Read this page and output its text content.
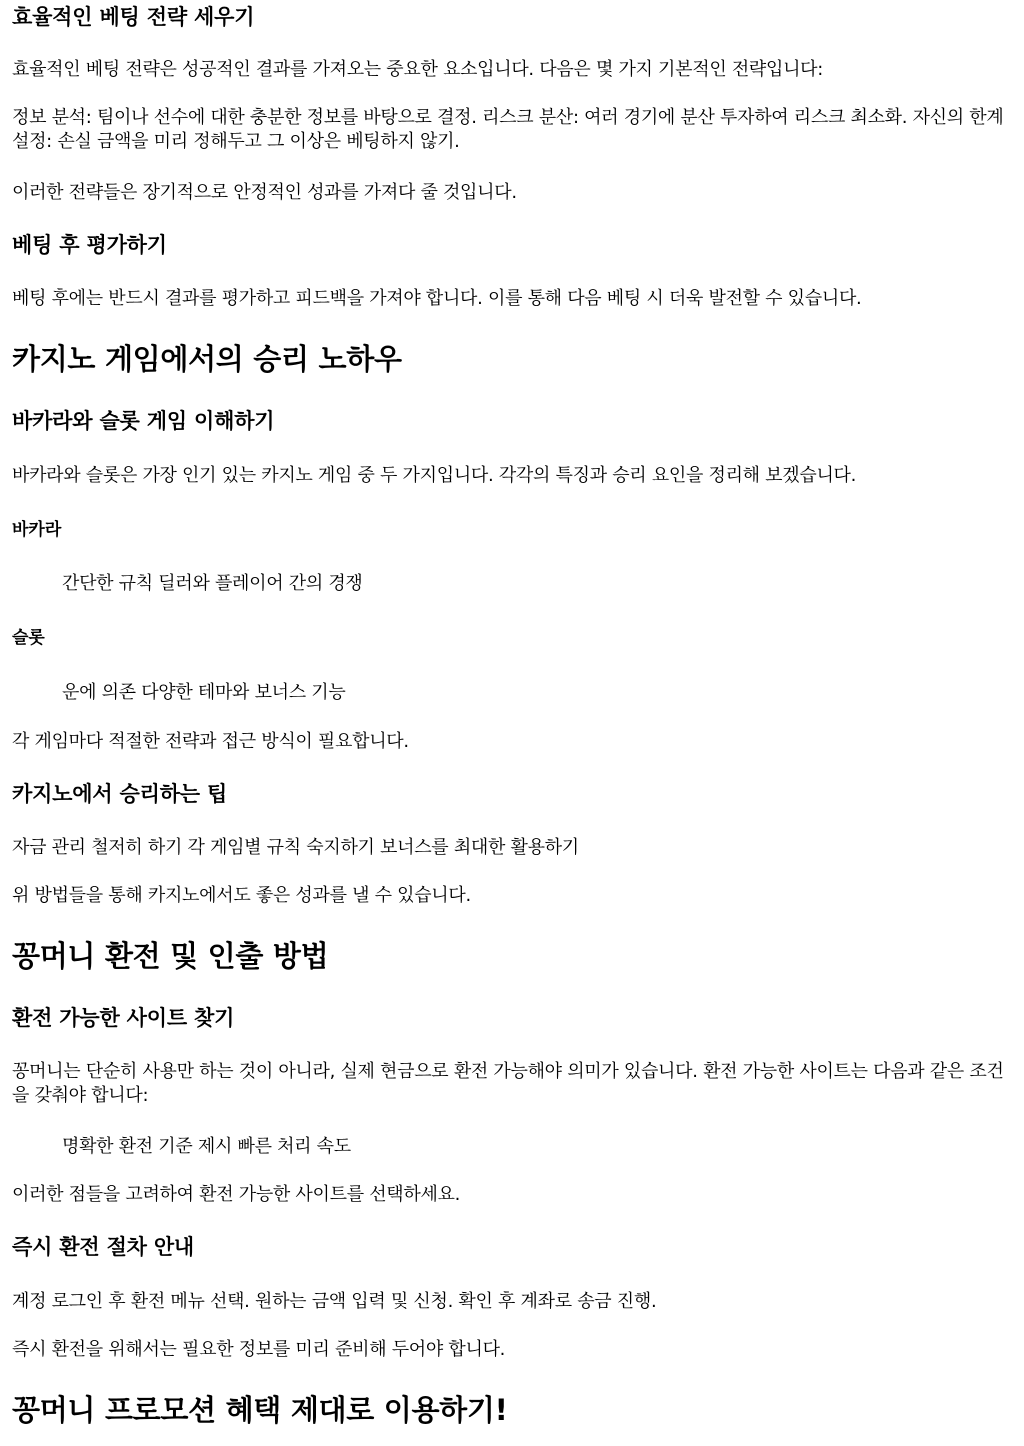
효율적인 베팅 전략 세우기

효율적인 베팅 전략은 성공적인 결과를 가져오는 중요한 요소입니다. 다음은 몇 가지 기본적인 전략입니다:

정보 분석: 팀이나 선수에 대한 충분한 정보를 바탕으로 결정. 리스크 분산: 여러 경기에 분산 투자하여 리스크 최소화. 자신의 한계 설정: 손실 금액을 미리 정해두고 그 이상은 베팅하지 않기.

이러한 전략들은 장기적으로 안정적인 성과를 가져다 줄 것입니다.

베팅 후 평가하기

베팅 후에는 반드시 결과를 평가하고 피드백을 가져야 합니다. 이를 통해 다음 베팅 시 더욱 발전할 수 있습니다.

카지노 게임에서의 승리 노하우
바카라와 슬롯 게임 이해하기

바카라와 슬롯은 가장 인기 있는 카지노 게임 중 두 가지입니다. 각각의 특징과 승리 요인을 정리해 보겠습니다.

바카라

간단한 규칙 딜러와 플레이어 간의 경쟁

슬롯

운에 의존 다양한 테마와 보너스 기능

각 게임마다 적절한 전략과 접근 방식이 필요합니다.

카지노에서 승리하는 팁

자금 관리 철저히 하기 각 게임별 규칙 숙지하기 보너스를 최대한 활용하기

위 방법들을 통해 카지노에서도 좋은 성과를 낼 수 있습니다.

꽁머니 환전 및 인출 방법
환전 가능한 사이트 찾기

꽁머니는 단순히 사용만 하는 것이 아니라, 실제 현금으로 환전 가능해야 의미가 있습니다. 환전 가능한 사이트는 다음과 같은 조건을 갖춰야 합니다:

명확한 환전 기준 제시 빠른 처리 속도

이러한 점들을 고려하여 환전 가능한 사이트를 선택하세요.

즉시 환전 절차 안내

계정 로그인 후 환전 메뉴 선택. 원하는 금액 입력 및 신청. 확인 후 계좌로 송금 진행.

즉시 환전을 위해서는 필요한 정보를 미리 준비해 두어야 합니다.

꽁머니 프로모션 혜택 제대로 이용하기!
